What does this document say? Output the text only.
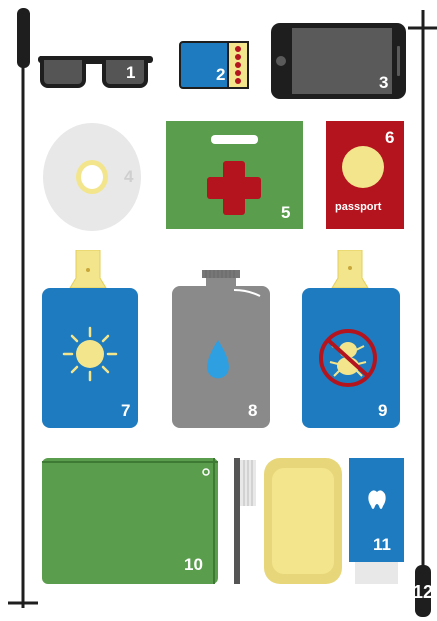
12
1	2	3
4
5
6
passport
7	8	9
10
11
